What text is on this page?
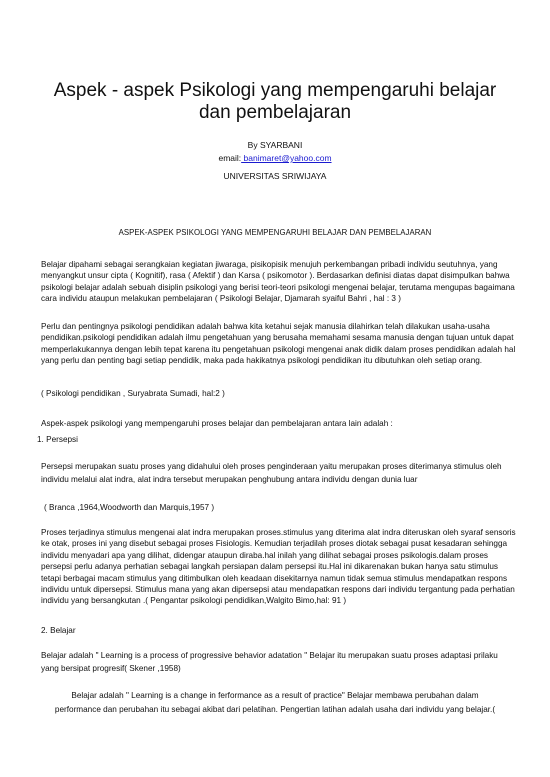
Aspek - aspek Psikologi yang mempengaruhi belajar
dan pembelajaran
By SYARBANI
email: banimaret@yahoo.com
UNIVERSITAS SRIWIJAYA
ASPEK-ASPEK PSIKOLOGI YANG MEMPENGARUHI BELAJAR DAN PEMBELAJARAN
Belajar dipahami sebagai serangkaian kegiatan jiwaraga, pisikopisik menujuh perkembangan pribadi individu seutuhnya, yang menyangkut unsur cipta ( Kognitif), rasa ( Afektif ) dan Karsa ( psikomotor ). Berdasarkan definisi diatas dapat disimpulkan bahwa psikologi belajar adalah sebuah disiplin psikologi yang berisi teori-teori psikologi mengenai belajar, terutama mengupas bagaimana cara individu ataupun melakukan pembelajaran ( Psikologi Belajar, Djamarah syaiful Bahri , hal : 3 )
Perlu dan pentingnya psikologi pendidikan adalah bahwa kita ketahui sejak manusia dilahirkan telah dilakukan usaha-usaha pendidikan.psikologi pendidikan adalah ilmu pengetahuan yang berusaha memahami sesama manusia dengan tujuan untuk dapat memperlakukannya dengan lebih tepat karena itu pengetahuan psikologi mengenai anak didik dalam proses pendidikan adalah hal yang perlu dan penting bagi setiap pendidik, maka pada hakikatnya psikologi pendidikan itu dibutuhkan oleh setiap orang.
( Psikologi pendidikan , Suryabrata Sumadi, hal:2 )
Aspek-aspek psikologi yang mempengaruhi proses belajar dan pembelajaran antara lain adalah :
1. Persepsi
Persepsi merupakan suatu proses yang didahului oleh proses penginderaan yaitu merupakan proses diterimanya stimulus oleh individu melalui alat indra, alat indra tersebut merupakan penghubung antara individu dengan dunia luar
( Branca ,1964,Woodworth dan Marquis,1957 )
Proses terjadinya stimulus mengenai alat indra merupakan proses.stimulus yang diterima alat indra diteruskan oleh syaraf sensoris ke otak, proses ini yang disebut sebagai proses Fisiologis. Kemudian terjadilah proses diotak sebagai pusat kesadaran sehingga individu menyadari apa yang dilihat, didengar ataupun diraba.hal inilah yang dilihat sebagai proses psikologis.dalam proses persepsi perlu adanya perhatian sebagai langkah persiapan dalam persepsi itu.Hal ini dikarenakan bukan hanya satu stimulus tetapi berbagai macam stimulus yang ditimbulkan oleh keadaan disekitarnya namun tidak semua stimulus mendapatkan respons individu untuk dipersepsi. Stimulus mana yang akan dipersepsi atau mendapatkan respons dari individu tergantung pada perhatian individu yang bersangkutan .( Pengantar psikologi pendidikan,Walgito Bimo,hal: 91 )
2. Belajar
Belajar adalah " Learning is a process of progressive behavior adatation " Belajar itu merupakan suatu proses adaptasi prilaku yang bersipat progresif( Skener ,1958)
Belajar adalah " Learning is a change in ferformance as a result of practice" Belajar membawa perubahan dalam
performance dan perubahan itu sebagai akibat dari pelatihan. Pengertian latihan adalah usaha dari individu yang belajar.(
